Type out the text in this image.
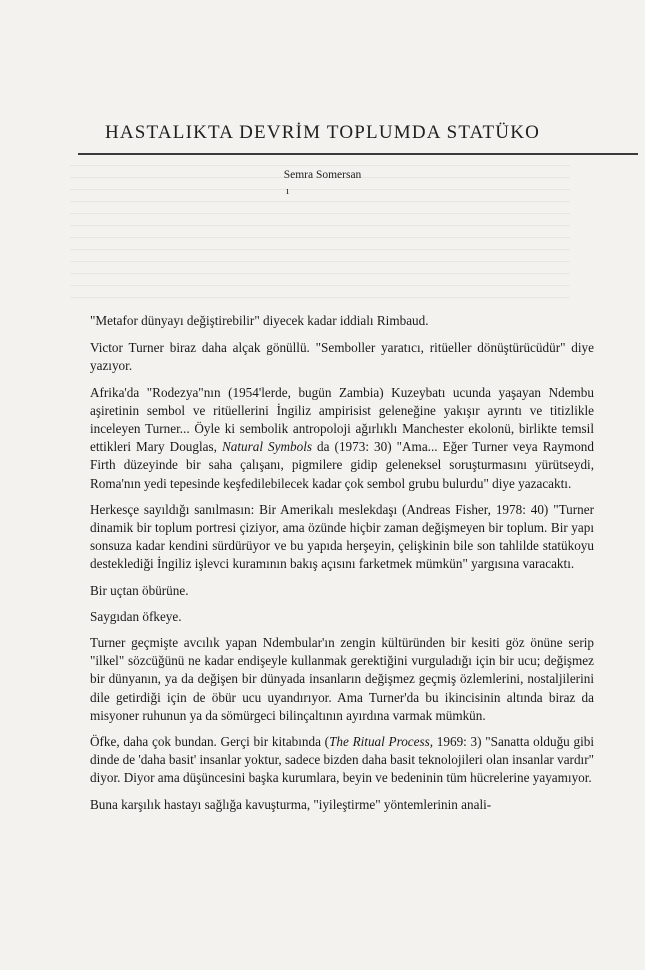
HASTALIKTA DEVRİM TOPLUMDA STATÜKO
Semra Somersan
ı

"Metafor dünyayı değiştirebilir" diyecek kadar iddialı Rimbaud.

Victor Turner biraz daha alçak gönüllü. "Semboller yaratıcı, ritüeller dönüştürücüdür" diye yazıyor.

Afrika'da "Rodezya"nın (1954'lerde, bugün Zambia) Kuzeybatı ucunda yaşayan Ndembu aşiretinin sembol ve ritüellerini İngiliz ampirisist geleneğine yakışır ayrıntı ve titizlikle inceleyen Turner... Öyle ki sembolik antropoloji ağırlıklı Manchester ekolonü, birlikte temsil ettikleri Mary Douglas, Natural Symbols da (1973: 30) "Ama... Eğer Turner veya Raymond Firth düzeyinde bir saha çalışanı, pigmilere gidip geleneksel soruşturmasını yürütseydi, Roma'nın yedi tepesinde keşfedilebilecek kadar çok sembol grubu bulurdu" diye yazacaktı.

Herkesçe sayıldığı sanılmasın: Bir Amerikalı meslekdaşı (Andreas Fisher, 1978: 40) "Turner dinamik bir toplum portresi çiziyor, ama özünde hiçbir zaman değişmeyen bir toplum. Bir yapı sonsuza kadar kendini sürdürüyor ve bu yapıda herşeyin, çelişkinin bile son tahlilde statükoyu desteklediği İngiliz işlevci kuramının bakış açısını farketmek mümkün" yargısına varacaktı.

Bir uçtan öbürüne.

Saygıdan öfkeye.

Turner geçmişte avcılık yapan Ndembular'ın zengin kültüründen bir kesiti göz önüne serip "ilkel" sözcüğünü ne kadar endişeyle kullanmak gerektiğini vurguladığı için bir ucu; değişmez bir dünyanın, ya da değişen bir dünyada insanların değişmez geçmiş özlemlerini, nostaljilerini dile getirdiği için de öbür ucu uyandırıyor. Ama Turner'da bu ikincisinin altında biraz da misyoner ruhunun ya da sömürgeci bilinçaltının ayırdına varmak mümkün.

Öfke, daha çok bundan. Gerçi bir kitabında (The Ritual Process, 1969: 3) "Sanatta olduğu gibi dinde de 'daha basit' insanlar yoktur, sadece bizden daha basit teknolojileri olan insanlar vardır" diyor. Diyor ama düşüncesini başka kurumlara, beyin ve bedeninin tüm hücrelerine yayamıyor.

Buna karşılık hastayı sağlığa kavuşturma, "iyileştirme" yöntemlerinin anali-
